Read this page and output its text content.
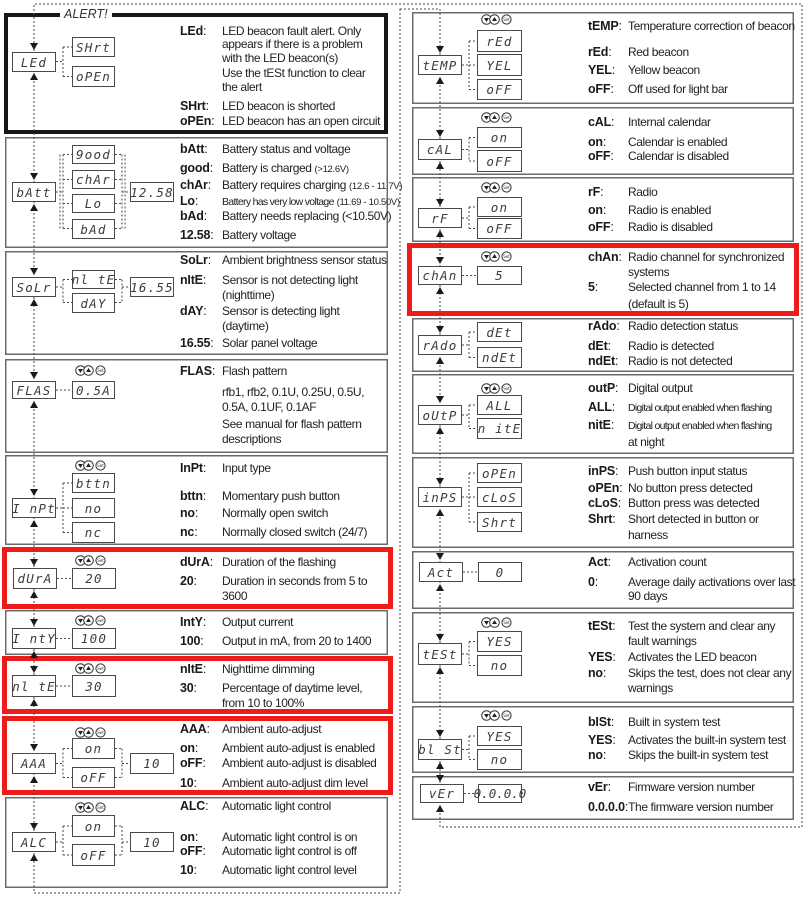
ALERT!
LEd
SHrt
oPEn
LEd : LED beacon fault alert. Only
appears if there is a problem
with the LED beacon(s)
Use the tESt function to clear
the alert
SHrt : LED beacon is shorted
oPEn : LED beacon has an open circuit
bAtt
9ood
chAr
Lo
bAd
12.58
bAtt : Battery status and voltage
good : Battery is charged (>12.6V)
chAr : Battery requires charging (12.6 - 11.7V)
Lo :	Battery has very low voltage (11.69 - 10.50V)
bAd : Battery needs replacing (<10.50V)
12.58 : Battery voltage
SoLr	nl tE
dAY
16.55
SoLr : Ambient brightness sensor status
nItE : Sensor is not detecting light
(nighttime)
dAY : Sensor is detecting light
(daytime)
16.55 : Solar panel voltage
FLAS	0.5A
FLAS : Flash pattern
rfb1, rfb2, 0.1U, 0.25U, 0.5U,
0.5A, 0.1UF, 0.1AF
See manual for flash pattern
descriptions
I nPt
bttn
no
nc
InPt : Input type
bttn : Momentary push button
no : Normally open switch
nc : Normally closed switch (24/7)
dUrA	20
dUrA : Duration of the flashing
20 : Duration in seconds from 5 to
3600
I ntY	100
IntY : Output current
100 : Output in mA, from 20 to 1400
nl tE	30
nItE : Nighttime dimming
30 : Percentage of daytime level,
from 10 to 100%
AAA
on
oFF
10
AAA : Ambient auto-adjust
on : Ambient auto-adjust is enabled
oFF : Ambient auto-adjust is disabled
10 : Ambient auto-adjust dim level
ALC
on
oFF
10
ALC : Automatic light control
on : Automatic light control is on
oFF : Automatic light control is off
10 : Automatic light control level
tEMP
rEd
YEL
oFF
tEMP : Temperature correction of beacon
rEd : Red beacon
YEL : Yellow beacon
oFF : Off used for light bar
cAL
on
oFF
cAL : Internal calendar
on : Calendar is enabled
oFF : Calendar is disabled
rF
on
oFF
rF : Radio
on : Radio is enabled
oFF : Radio is disabled
chAn	5
chAn : Radio channel for synchronized
systems
5 :	Selected channel from 1 to 14
(default is 5)
rAdo
dEt
ndEt
rAdo : Radio detection status
dEt : Radio is detected
ndEt : Radio is not detected
oUtP
ALL
n itE
outP : Digital output
ALL : Digital output enabled when flashing
nitE : Digital output enabled when flashing
at night
inPS
oPEn
cLoS
Shrt
inPS : Push button input status
oPEn : No button press detected
cLoS : Button press was detected
Shrt : Short detected in button or
harness
Act	0
Act : Activation count
0 :	Average daily activations over last
90 days
tESt
YES
no
tESt : Test the system and clear any
fault warnings
YES : Activates the LED beacon
no : Skips the test, does not clear any
warnings
bl St
YES
no
bISt : Built in system test
YES : Activates the built-in system test
no : Skips the built-in system test
vEr	0.0.0.0	vEr : Firmware version number
0.0.0.0 : The firmware version number
